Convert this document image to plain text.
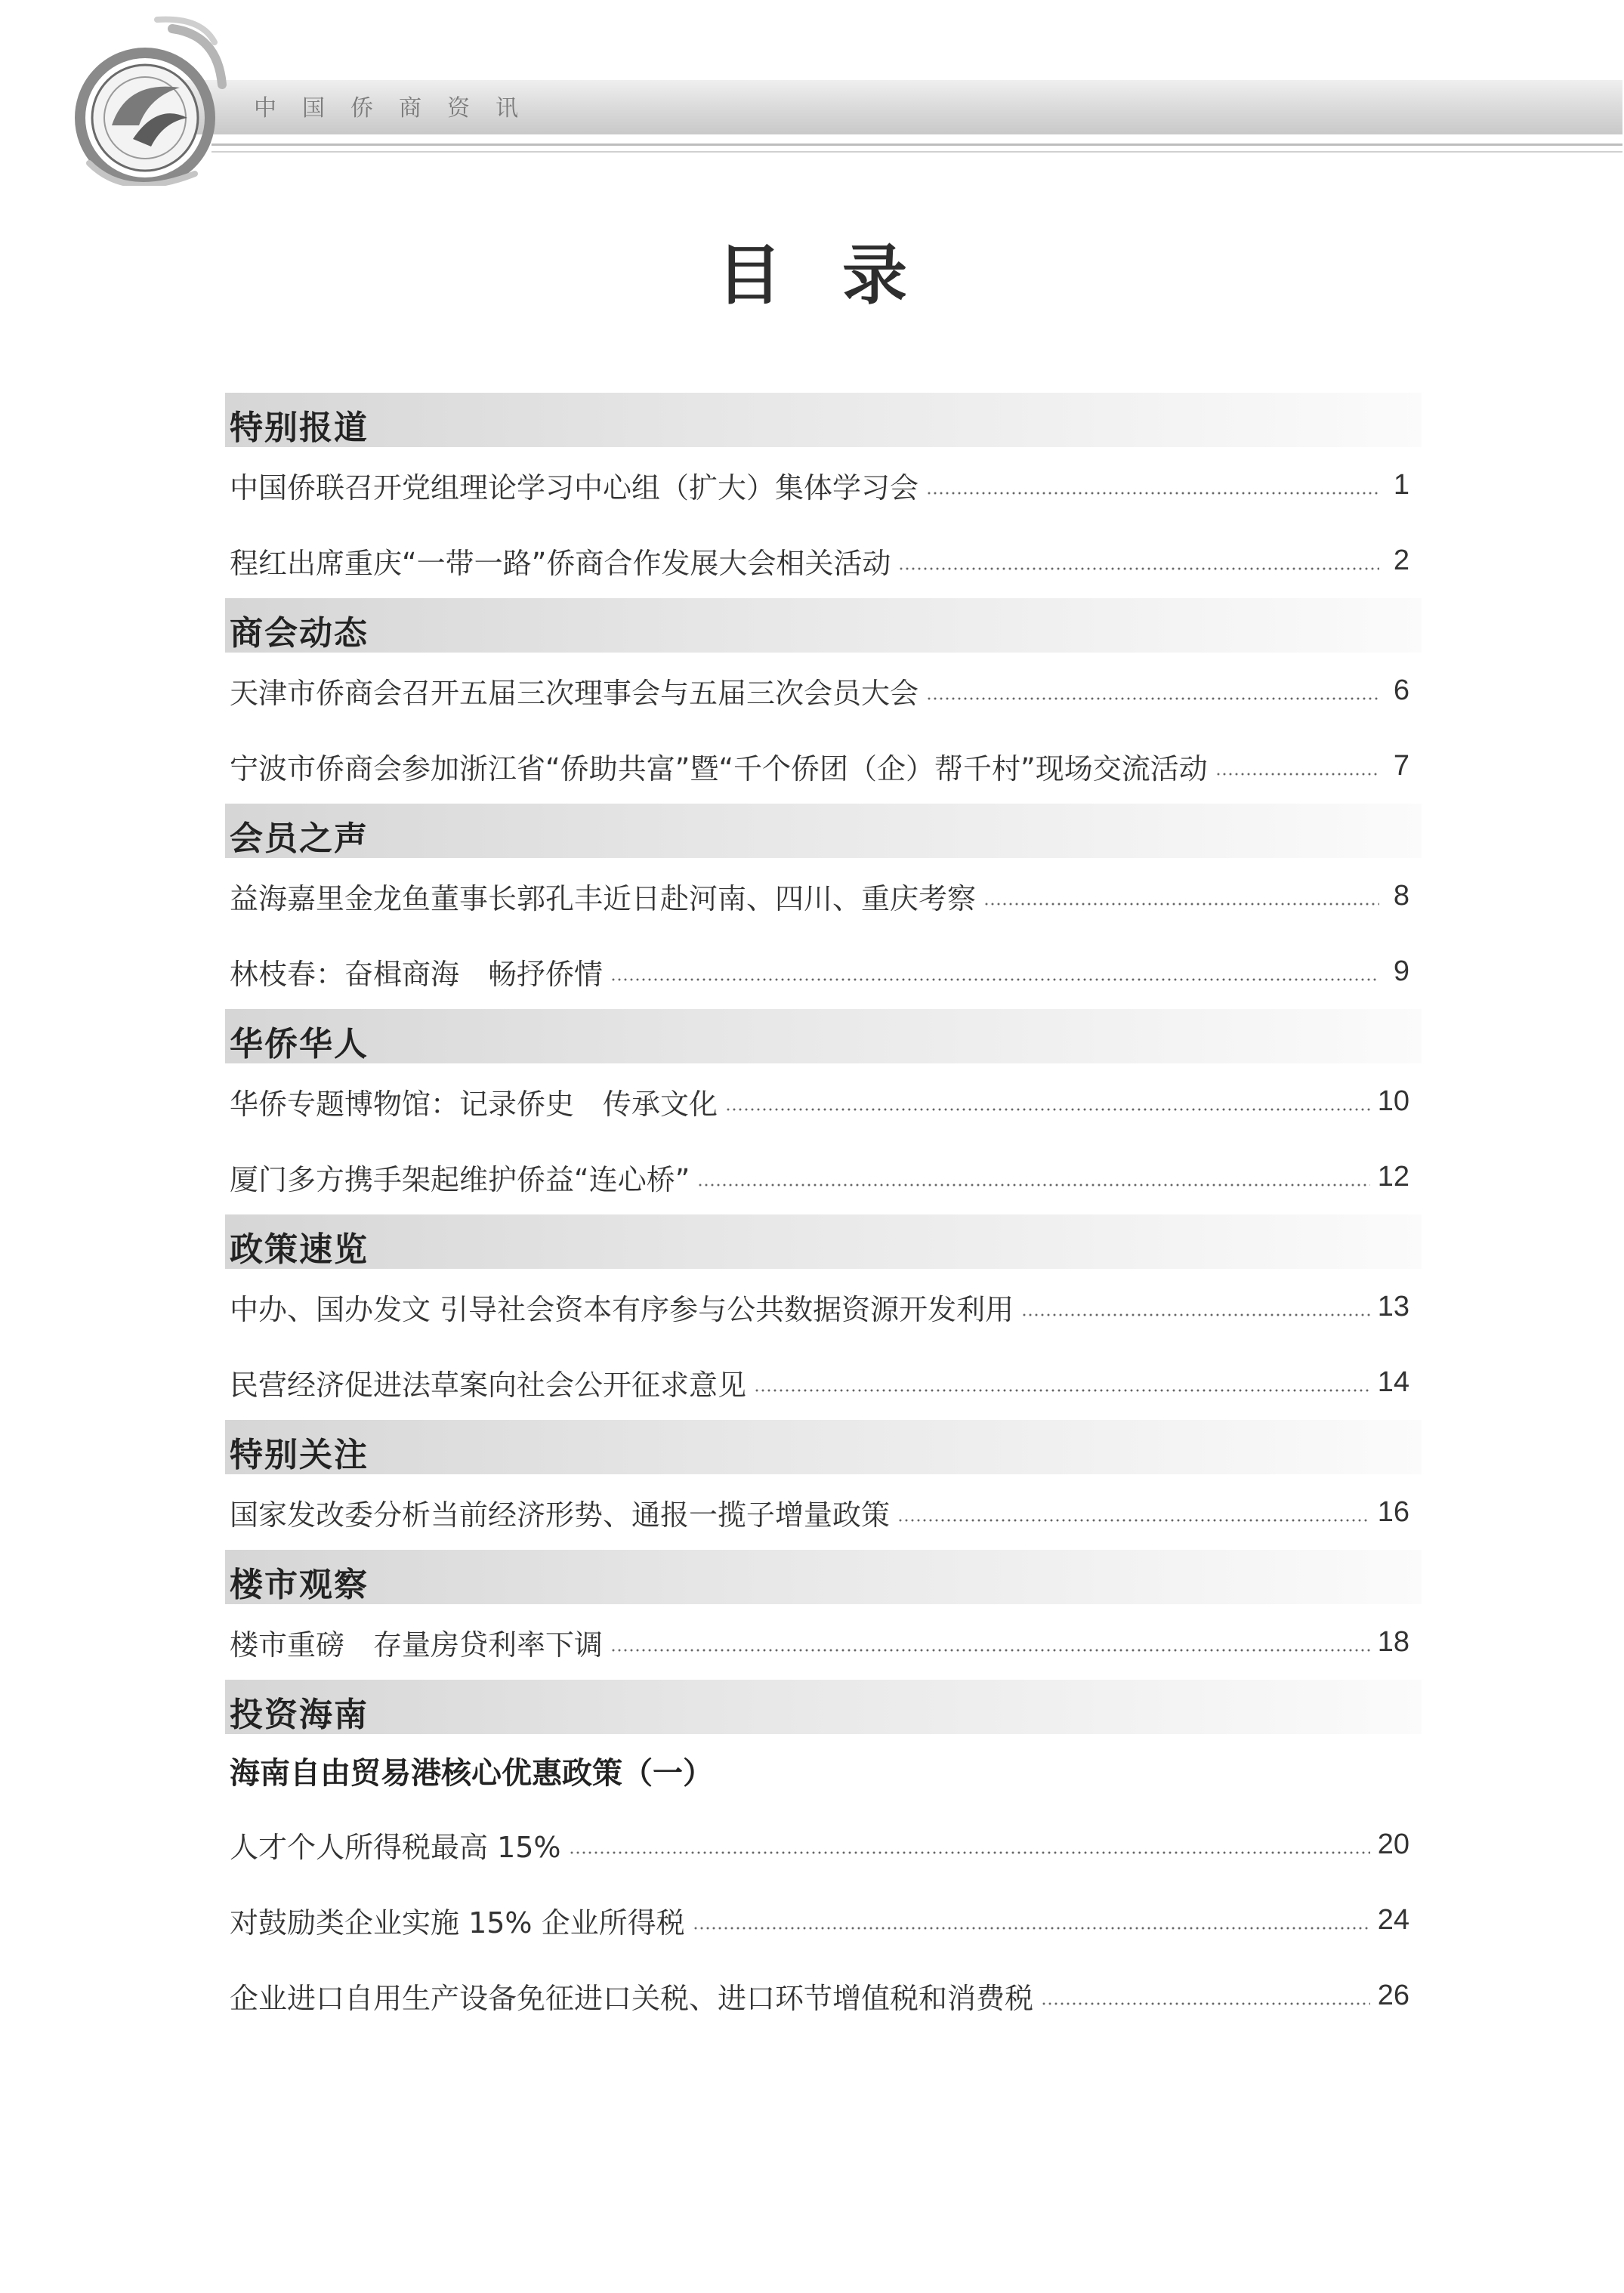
中国侨商资讯
目录
特别报道
中国侨联召开党组理论学习中心组（扩大）集体学习会	1
程红出席重庆“一带一路”侨商合作发展大会相关活动	2
商会动态
天津市侨商会召开五届三次理事会与五届三次会员大会	6
宁波市侨商会参加浙江省“侨助共富”暨“千个侨团（企）帮千村”现场交流活动	7
会员之声
益海嘉里金龙鱼董事长郭孔丰近日赴河南、四川、重庆考察	8
林枝春：奋楫商海　畅抒侨情	9
华侨华人
华侨专题博物馆：记录侨史　传承文化	10
厦门多方携手架起维护侨益“连心桥”	12
政策速览
中办、国办发文 引导社会资本有序参与公共数据资源开发利用	13
民营经济促进法草案向社会公开征求意见	14
特别关注
国家发改委分析当前经济形势、通报一揽子增量政策	16
楼市观察
楼市重磅　存量房贷利率下调	18
投资海南
海南自由贸易港核心优惠政策（一）
人才个人所得税最高 15%	20
对鼓励类企业实施 15% 企业所得税	24
企业进口自用生产设备免征进口关税、进口环节增值税和消费税	26
